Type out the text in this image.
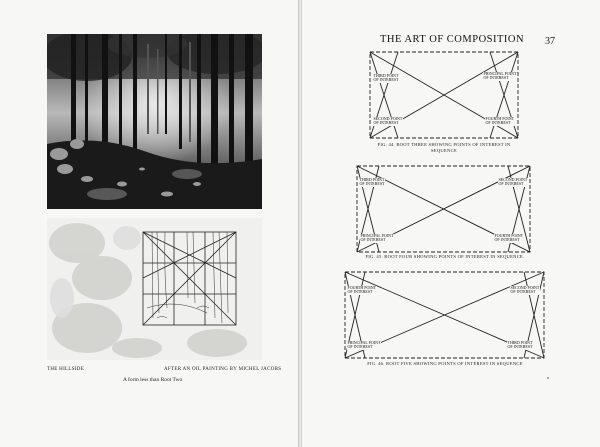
THE HILLSIDE	AFTER AN OIL PAINTING BY MICHEL JACOBS
A form less than Root Two
THE ART OF COMPOSITION 37
THIRD POINT
OF INTEREST
PRINCIPAL POINT
OF INTEREST
SECOND POINT
OF INTEREST
FOURTH POINT
OF INTEREST
FIG. 44. ROOT THREE SHOWING POINTS OF INTEREST IN
SEQUENCE
THIRD POINT
OF INTEREST
SECOND POINT
OF INTEREST
PRINCIPAL POINT
OF INTEREST
FOURTH POINT
OF INTEREST
FIG. 45. ROOT FOUR SHOWING POINTS OF INTEREST IN SEQUENCE.
FOURTH POINT
OF INTEREST
SECOND POINT
OF INTEREST
PRINCIPAL POINT
OF INTEREST
THIRD POINT
OF INTEREST
FIG. 46. ROOT FIVE SHOWING POINTS OF INTEREST IN SEQUENCE
